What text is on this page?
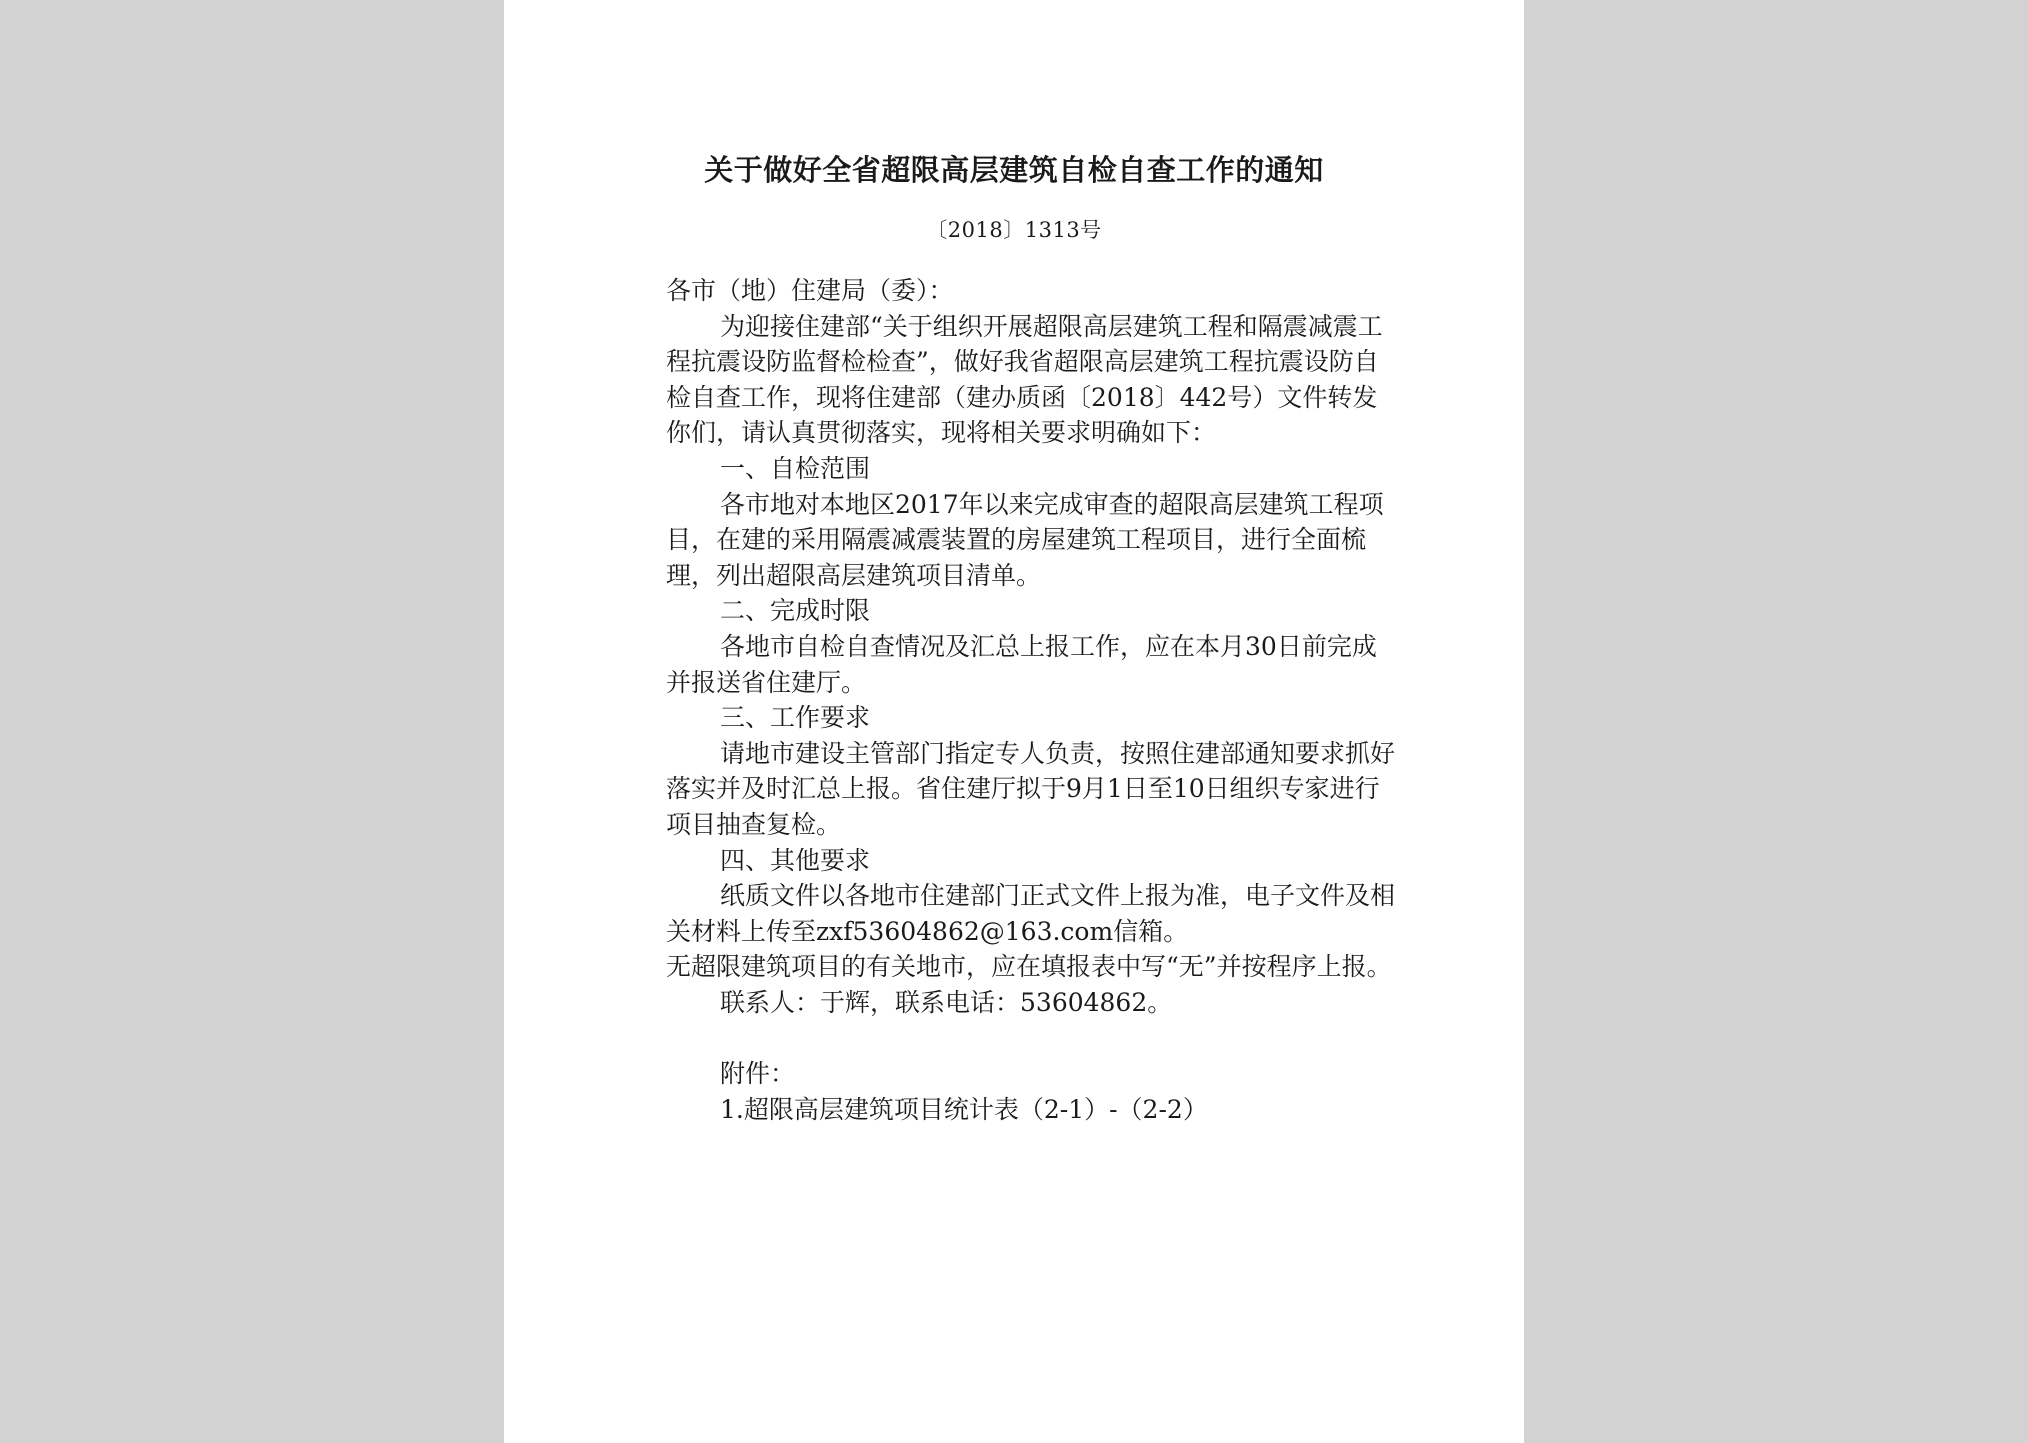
关于做好全省超限高层建筑自检自查工作的通知
〔2018〕1313号

各市（地）住建局（委）：

为迎接住建部“关于组织开展超限高层建筑工程和隔震减震工程抗震设防监督检检查”，做好我省超限高层建筑工程抗震设防自检自查工作，现将住建部（建办质函〔2018〕442号）文件转发你们，请认真贯彻落实，现将相关要求明确如下：

一、自检范围

各市地对本地区2017年以来完成审查的超限高层建筑工程项目，在建的采用隔震减震装置的房屋建筑工程项目，进行全面梳理，列出超限高层建筑项目清单。

二、完成时限

各地市自检自查情况及汇总上报工作，应在本月30日前完成并报送省住建厅。

三、工作要求

请地市建设主管部门指定专人负责，按照住建部通知要求抓好落实并及时汇总上报。省住建厅拟于9月1日至10日组织专家进行项目抽查复检。

四、其他要求

纸质文件以各地市住建部门正式文件上报为准，电子文件及相关材料上传至zxf53604862@163.com信箱。

无超限建筑项目的有关地市，应在填报表中写“无”并按程序上报。

联系人：于辉，联系电话：53604862。

附件：

1.超限高层建筑项目统计表（2-1）-（2-2）
